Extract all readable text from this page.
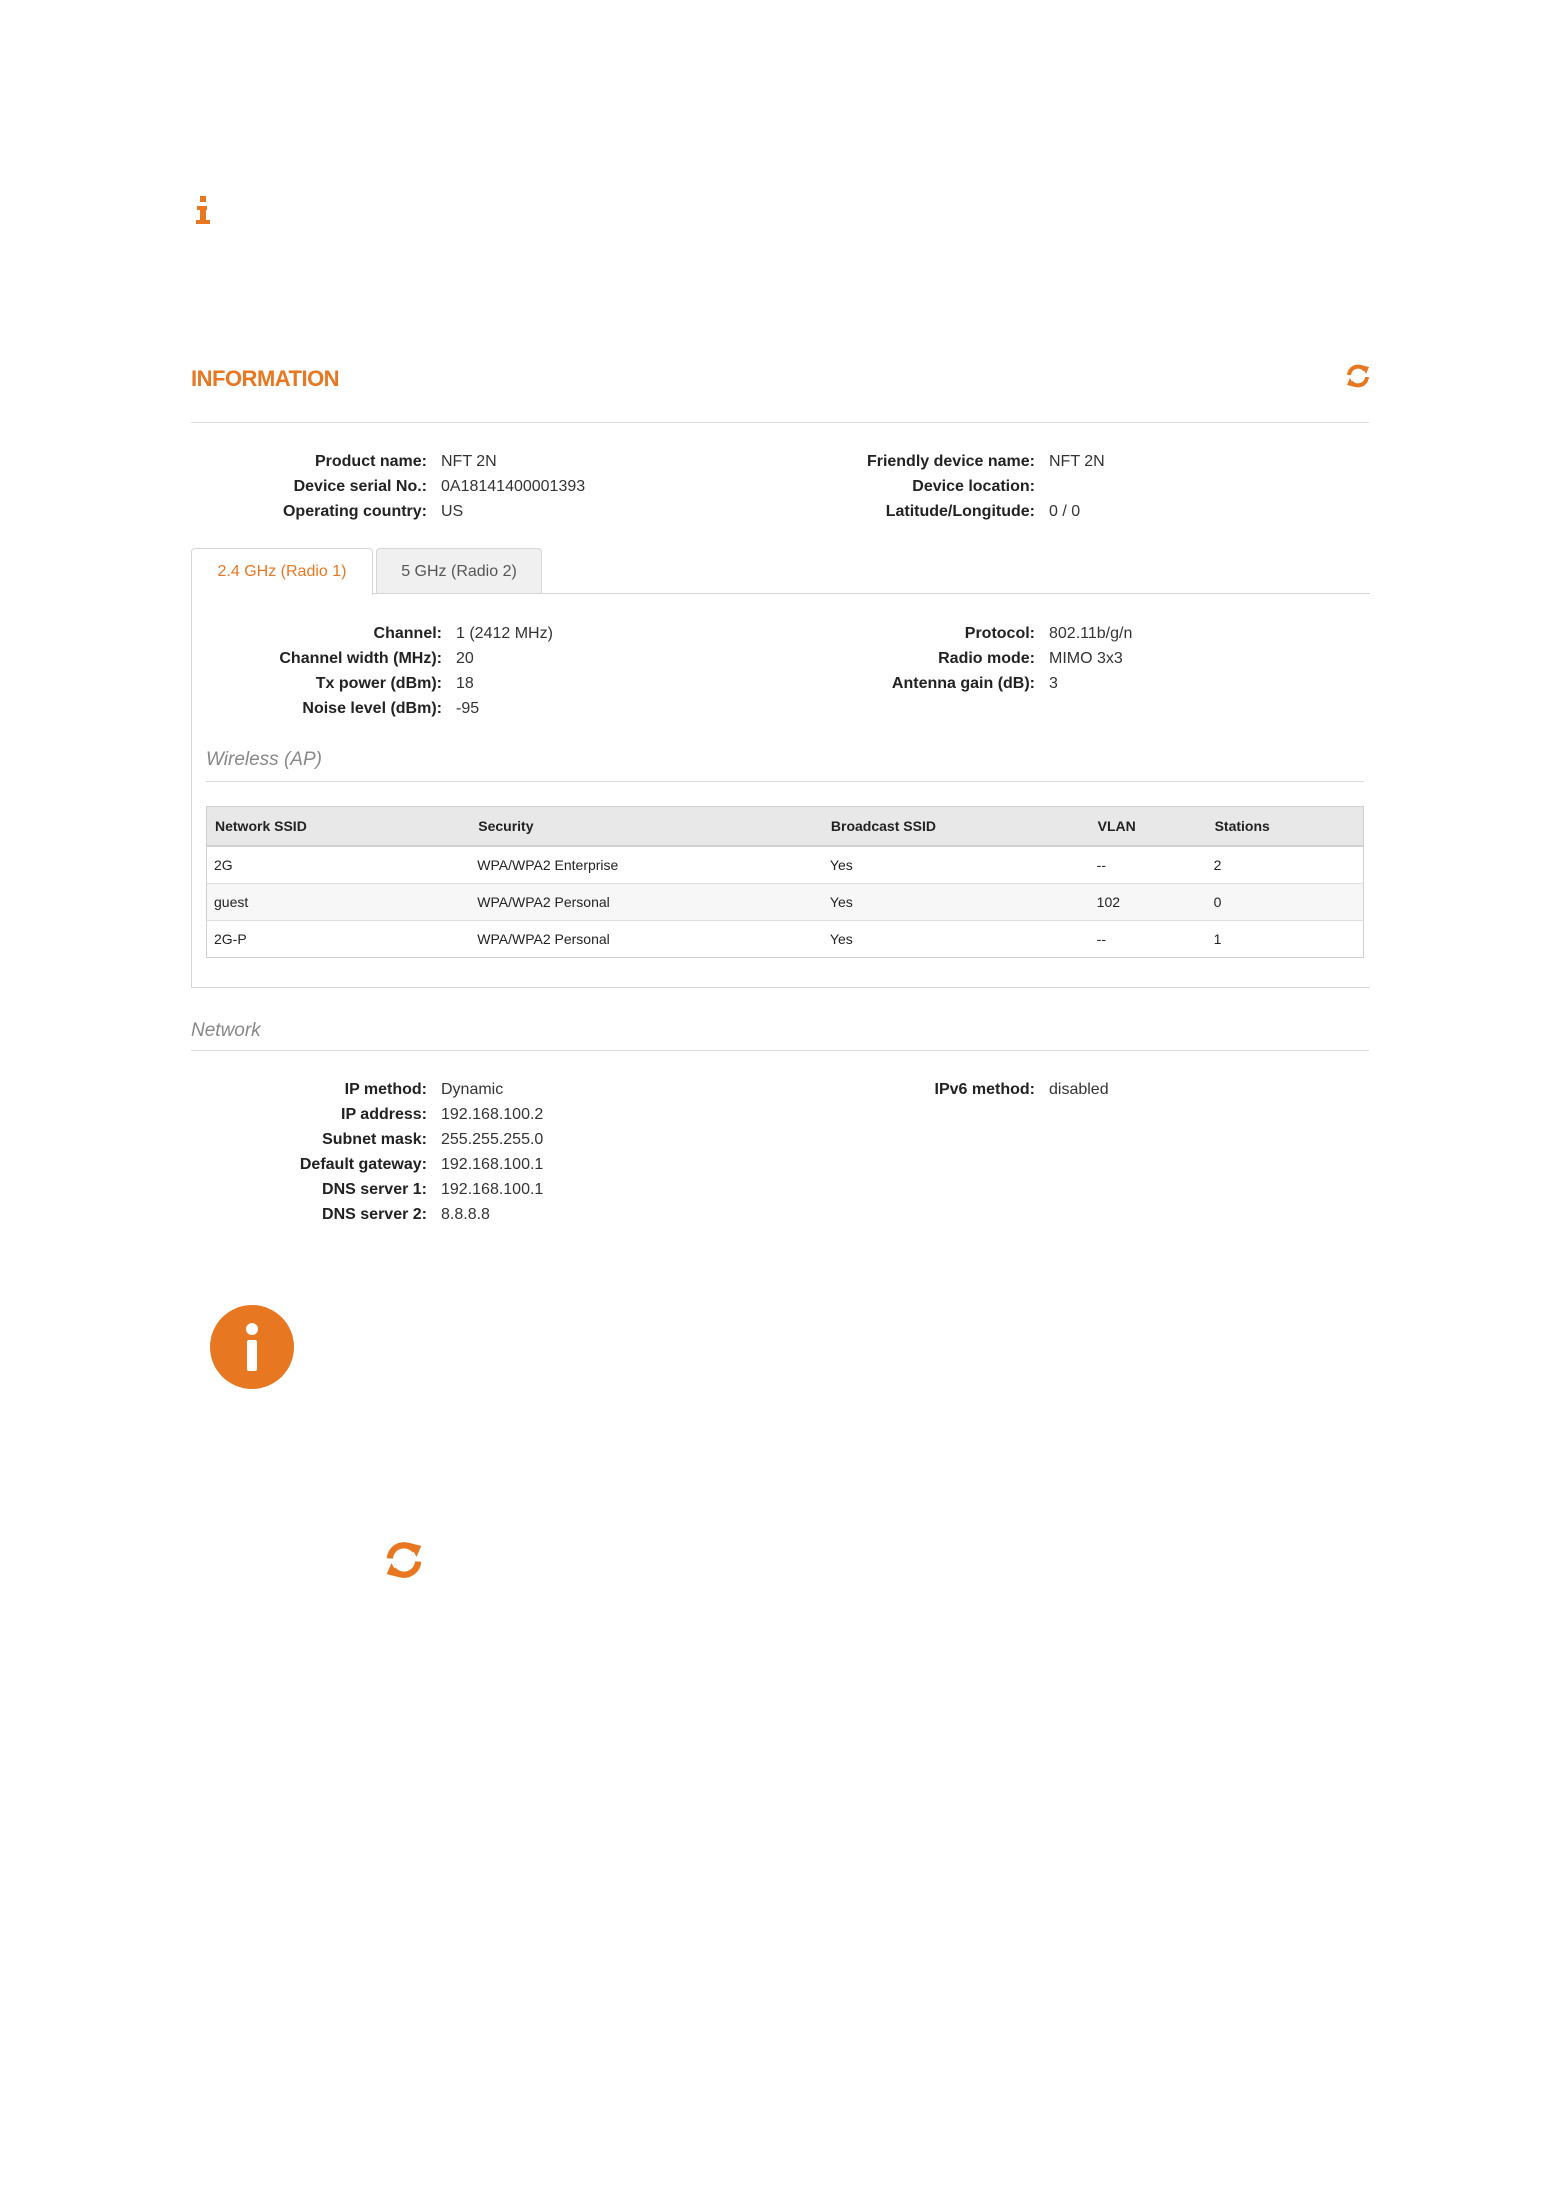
INFORMATION
Product name: NFT 2N
Device serial No.: 0A18141400001393
Operating country: US
Friendly device name: NFT 2N
Device location:
Latitude/Longitude: 0 / 0
2.4 GHz (Radio 1)	5 GHz (Radio 2)
Channel: 1 (2412 MHz)
Channel width (MHz): 20
Tx power (dBm): 18
Noise level (dBm): -95
Protocol: 802.11b/g/n
Radio mode: MIMO 3x3
Antenna gain (dB): 3
Wireless (AP)
Network SSID	Security	Broadcast SSID	VLAN	Stations
2G	WPA/WPA2 Enterprise	Yes	--	2
guest	WPA/WPA2 Personal	Yes	102	0
2G-P	WPA/WPA2 Personal	Yes	--	1
Network
IP method: Dynamic
IP address: 192.168.100.2
Subnet mask: 255.255.255.0
Default gateway: 192.168.100.1
DNS server 1: 192.168.100.1
DNS server 2: 8.8.8.8
IPv6 method: disabled
